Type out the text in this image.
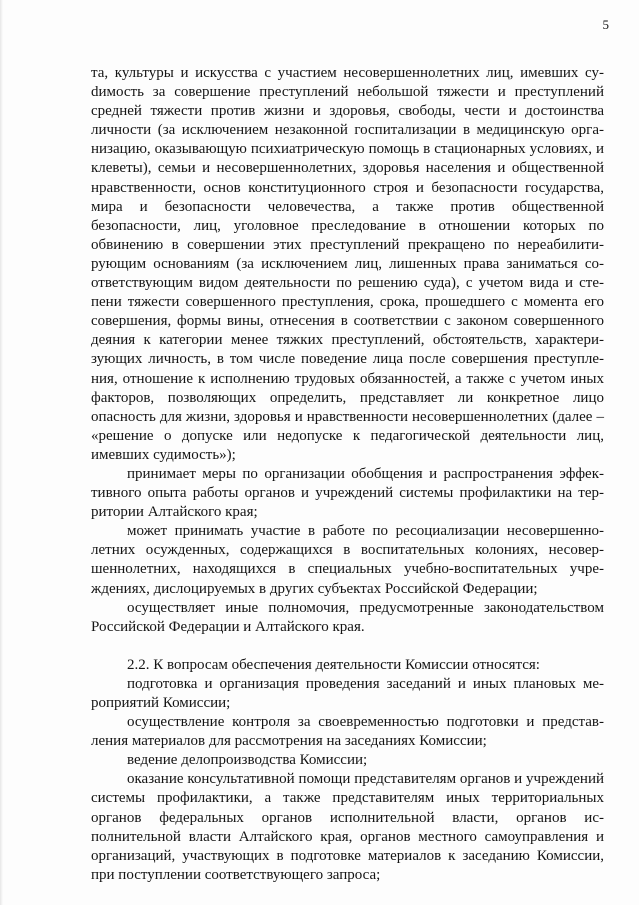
5

та, культуры и искусства с участием несовершеннолетних лиц, имевших суdимость за совершение преступлений небольшой тяжести и преступлений средней тяжести против жизни и здоровья, свободы, чести и достоинства личности (за исключением незаконной госпитализации в медицинскую организацию, оказывающую психиатрическую помощь в стационарных условиях, и клеветы), семьи и несовершеннолетних, здоровья населения и общественной нравственности, основ конституционного строя и безопасности государства, мира и безопасности человечества, а также против общественной безопасности, лиц, уголовное преследование в отношении которых по обвинению в совершении этих преступлений прекращено по нереабилитирующим основаниям (за исключением лиц, лишенных права заниматься соответствующим видом деятельности по решению суда), с учетом вида и степени тяжести совершенного преступления, срока, прошедшего с момента его совершения, формы вины, отнесения в соответствии с законом совершенного деяния к категории менее тяжких преступлений, обстоятельств, характеризующих личность, в том числе поведение лица после совершения преступления, отношение к исполнению трудовых обязанностей, а также с учетом иных факторов, позволяющих определить, представляет ли конкретное лицо опасность для жизни, здоровья и нравственности несовершеннолетних (далее – «решение о допуске или недопуске к педагогической деятельности лиц, имевших судимость»);

принимает меры по организации обобщения и распространения эффективного опыта работы органов и учреждений системы профилактики на территории Алтайского края;

может принимать участие в работе по ресоциализации несовершеннолетних осужденных, содержащихся в воспитательных колониях, несовершеннолетних, находящихся в специальных учебно-воспитательных учреждениях, дислоцируемых в других субъектах Российской Федерации;

осуществляет иные полномочия, предусмотренные законодательством Российской Федерации и Алтайского края.

2.2. К вопросам обеспечения деятельности Комиссии относятся:

подготовка и организация проведения заседаний и иных плановых мероприятий Комиссии;

осуществление контроля за своевременностью подготовки и представления материалов для рассмотрения на заседаниях Комиссии;

ведение делопроизводства Комиссии;

оказание консультативной помощи представителям органов и учреждений системы профилактики, а также представителям иных территориальных органов федеральных органов исполнительной власти, органов исполнительной власти Алтайского края, органов местного самоуправления и организаций, участвующих в подготовке материалов к заседанию Комиссии, при поступлении соответствующего запроса;
